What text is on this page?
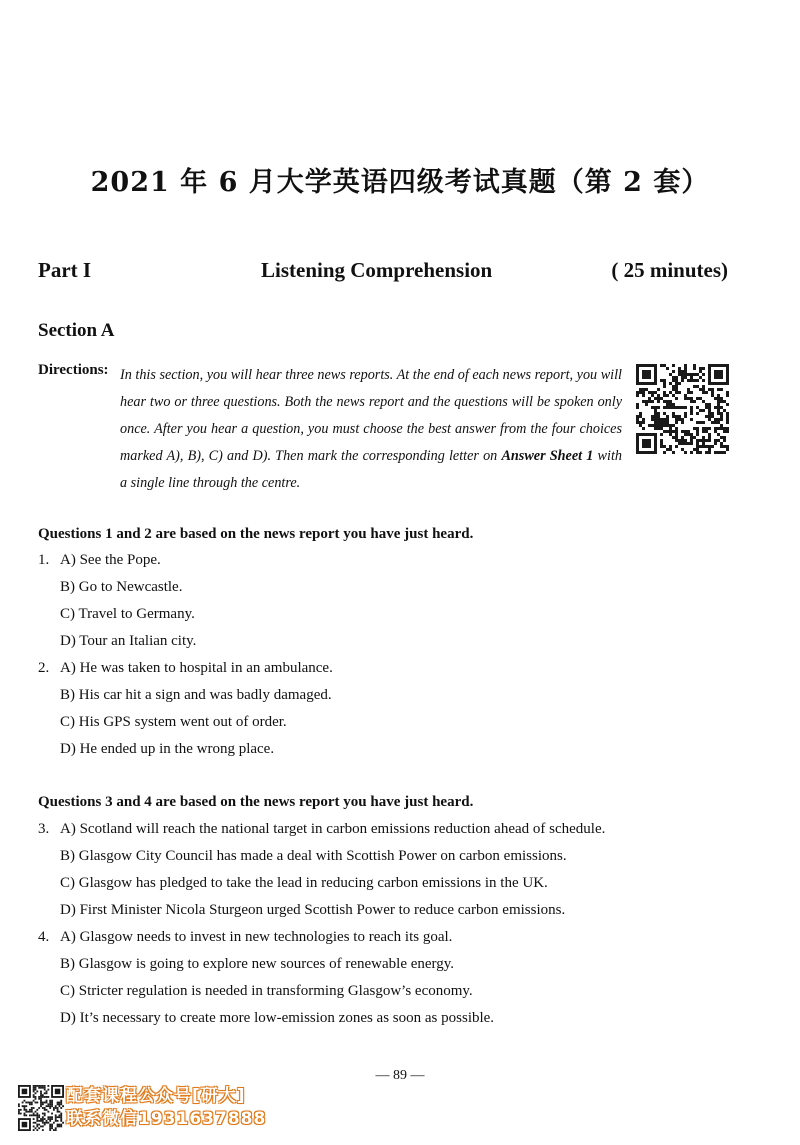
2021 年 6 月大学英语四级考试真题（第 2 套）
Part I	Listening Comprehension	( 25 minutes)
Section A
Directions: In this section, you will hear three news reports. At the end of each news report, you will hear two or three questions. Both the news report and the questions will be spoken only once. After you hear a question, you must choose the best answer from the four choices marked A), B), C) and D). Then mark the corresponding letter on Answer Sheet 1 with a single line through the centre.
Questions 1 and 2 are based on the news report you have just heard.
1. A) See the Pope.
B) Go to Newcastle.
C) Travel to Germany.
D) Tour an Italian city.
2. A) He was taken to hospital in an ambulance.
B) His car hit a sign and was badly damaged.
C) His GPS system went out of order.
D) He ended up in the wrong place.
Questions 3 and 4 are based on the news report you have just heard.
3. A) Scotland will reach the national target in carbon emissions reduction ahead of schedule.
B) Glasgow City Council has made a deal with Scottish Power on carbon emissions.
C) Glasgow has pledged to take the lead in reducing carbon emissions in the UK.
D) First Minister Nicola Sturgeon urged Scottish Power to reduce carbon emissions.
4. A) Glasgow needs to invest in new technologies to reach its goal.
B) Glasgow is going to explore new sources of renewable energy.
C) Stricter regulation is needed in transforming Glasgow’s economy.
D) It’s necessary to create more low-emission zones as soon as possible.
— 89 —
配套课程公众号[研大]
联系微信1931637888
